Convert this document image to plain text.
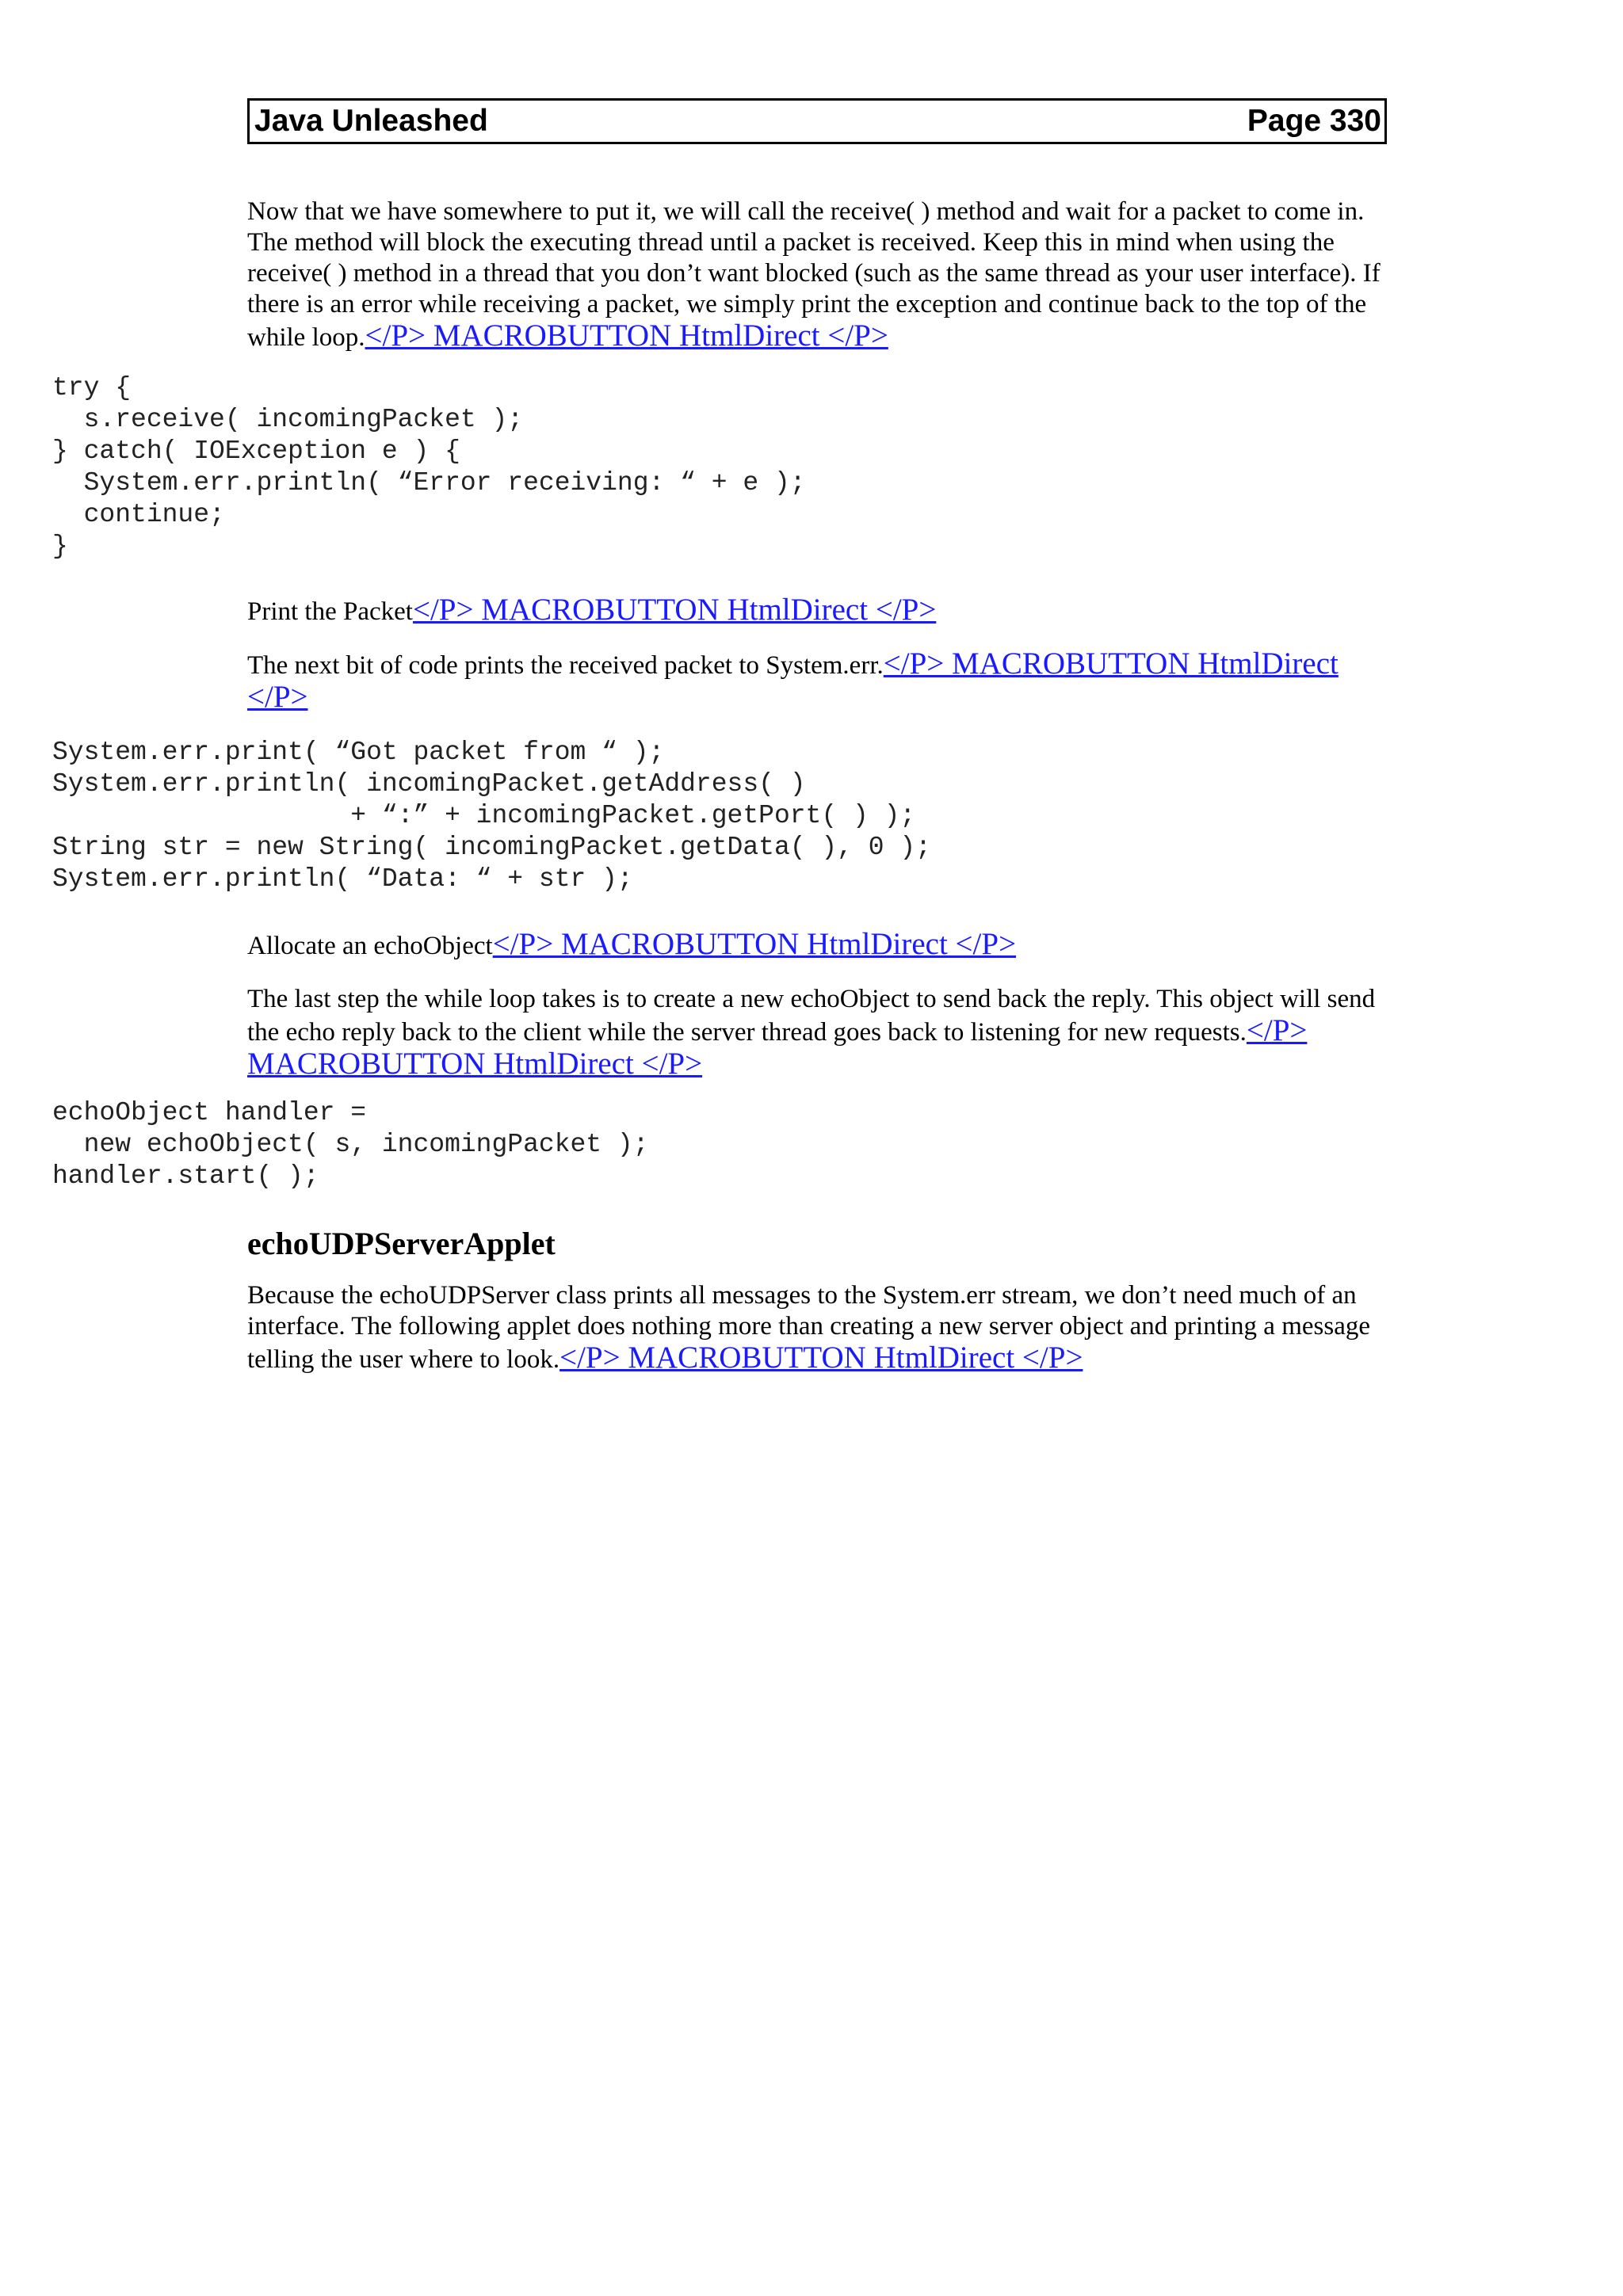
Java Unleashed	Page 330
Now that we have somewhere to put it, we will call the receive( ) method and wait for a packet to come in. The method will block the executing thread until a packet is received. Keep this in mind when using the receive( ) method in a thread that you don’t want blocked (such as the same thread as your user interface). If there is an error while receiving a packet, we simply print the exception and continue back to the top of the while loop.</P> MACROBUTTON HtmlDirect </P>
try {
s.receive( incomingPacket );
} catch( IOException e ) {
System.err.println( “Error receiving: “ + e );
continue;
}
Print the Packet</P> MACROBUTTON HtmlDirect </P>
The next bit of code prints the received packet to System.err.</P> MACROBUTTON HtmlDirect </P>
System.err.print( “Got packet from “ );
System.err.println( incomingPacket.getAddress( )
+ “:” + incomingPacket.getPort( ) );
String str = new String( incomingPacket.getData( ), 0 );
System.err.println( “Data: “ + str );
Allocate an echoObject</P> MACROBUTTON HtmlDirect </P>
The last step the while loop takes is to create a new echoObject to send back the reply. This object will send the echo reply back to the client while the server thread goes back to listening for new requests.</P> MACROBUTTON HtmlDirect </P>
echoObject handler =
new echoObject( s, incomingPacket );
handler.start( );
echoUDPServerApplet
Because the echoUDPServer class prints all messages to the System.err stream, we don’t need much of an interface. The following applet does nothing more than creating a new server object and printing a message telling the user where to look.</P> MACROBUTTON HtmlDirect </P>
